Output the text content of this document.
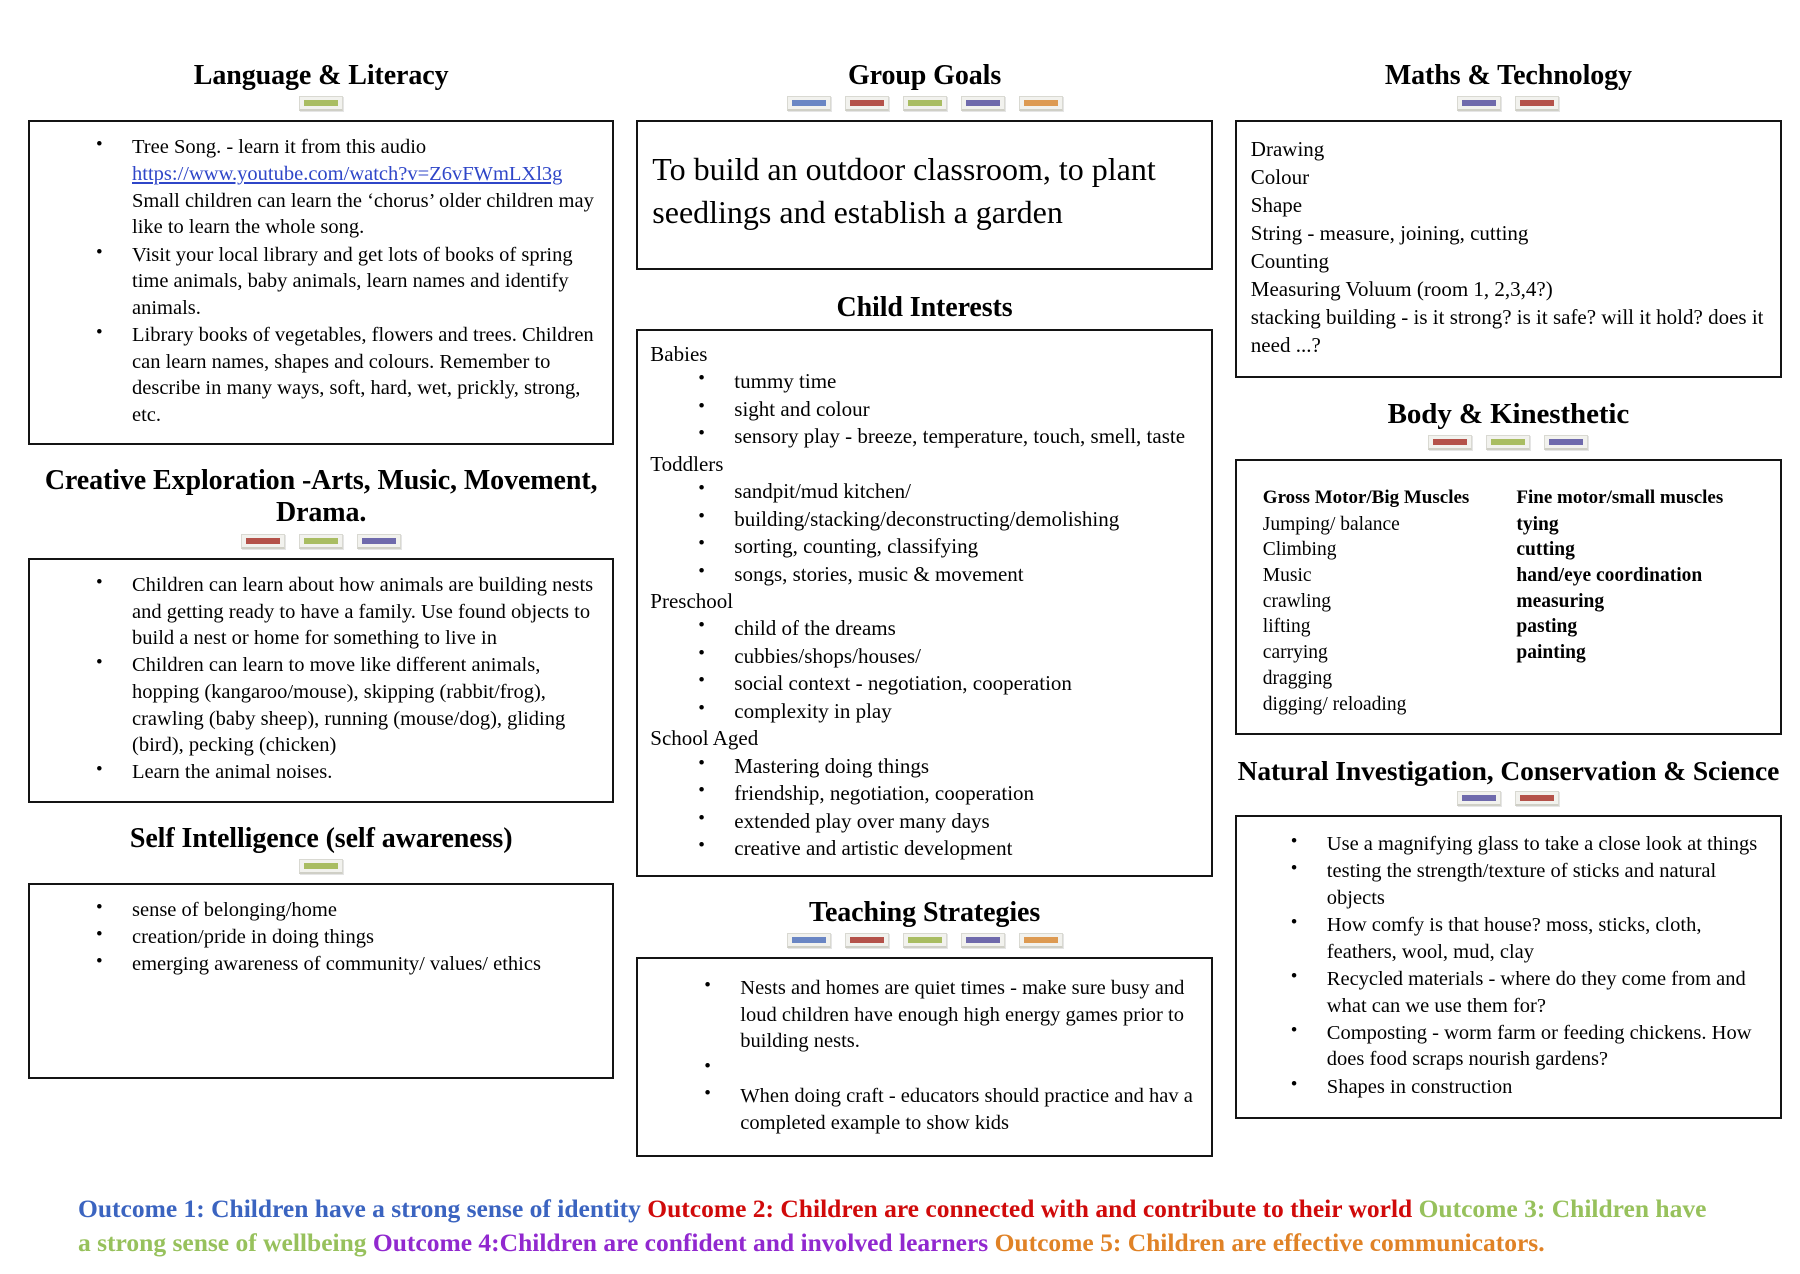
Language & Literacy
• Tree Song. - learn it from this audio
https://www.youtube.com/watch?v=Z6vFWmLXl3g
Small children can learn the ‘chorus’ older children may like to learn the whole song.
• Visit your local library and get lots of books of spring time animals, baby animals, learn names and identify animals.
• Library books of vegetables, flowers and trees. Children can learn names, shapes and colours. Remember to describe in many ways, soft, hard, wet, prickly, strong, etc.
Creative Exploration -Arts, Music, Movement, Drama.
• Children can learn about how animals are building nests and getting ready to have a family. Use found objects to build a nest or home for something to live in
• Children can learn to move like different animals, hopping (kangaroo/mouse), skipping (rabbit/frog), crawling (baby sheep), running (mouse/dog), gliding (bird), pecking (chicken)
• Learn the animal noises.
Self Intelligence (self awareness)
• sense of belonging/home
• creation/pride in doing things
• emerging awareness of community/ values/ ethics
Group Goals

To build an outdoor classroom, to plant seedlings and establish a garden

Child Interests

Babies

• tummy time
• sight and colour
• sensory play - breeze, temperature, touch, smell, taste

Toddlers

• sandpit/mud kitchen/
• building/stacking/deconstructing/demolishing
• sorting, counting, classifying
• songs, stories, music & movement

Preschool

• child of the dreams
• cubbies/shops/houses/
• social context - negotiation, cooperation
• complexity in play

School Aged

• Mastering doing things
• friendship, negotiation, cooperation
• extended play over many days
• creative and artistic development
Teaching Strategies
• Nests and homes are quiet times - make sure busy and loud children have enough high energy games prior to building nests.
•
• When doing craft - educators should practice and hav a completed example to show kids
Maths & Technology

Drawing

Colour

Shape

String - measure, joining, cutting

Counting

Measuring Voluum (room 1, 2,3,4?)

stacking building - is it strong? is it safe? will it hold? does it need ...?

Body & Kinesthetic
Gross Motor/Big Muscles

Jumping/ balance

Climbing

Music

crawling

lifting

carrying

dragging

digging/ reloading

Fine motor/small muscles

tying

cutting

hand/eye coordination

measuring

pasting

painting

Natural Investigation, Conservation & Science
• Use a magnifying glass to take a close look at things
• testing the strength/texture of sticks and natural objects
• How comfy is that house? moss, sticks, cloth, feathers, wool, mud, clay
• Recycled materials - where do they come from and what can we use them for?
• Composting - worm farm or feeding chickens. How does food scraps nourish gardens?
• Shapes in construction
Outcome 1: Children have a strong sense of identity Outcome 2: Children are connected with and contribute to their world Outcome 3: Children have a strong sense of wellbeing Outcome 4:Children are confident and involved learners Outcome 5: Children are effective communicators.
